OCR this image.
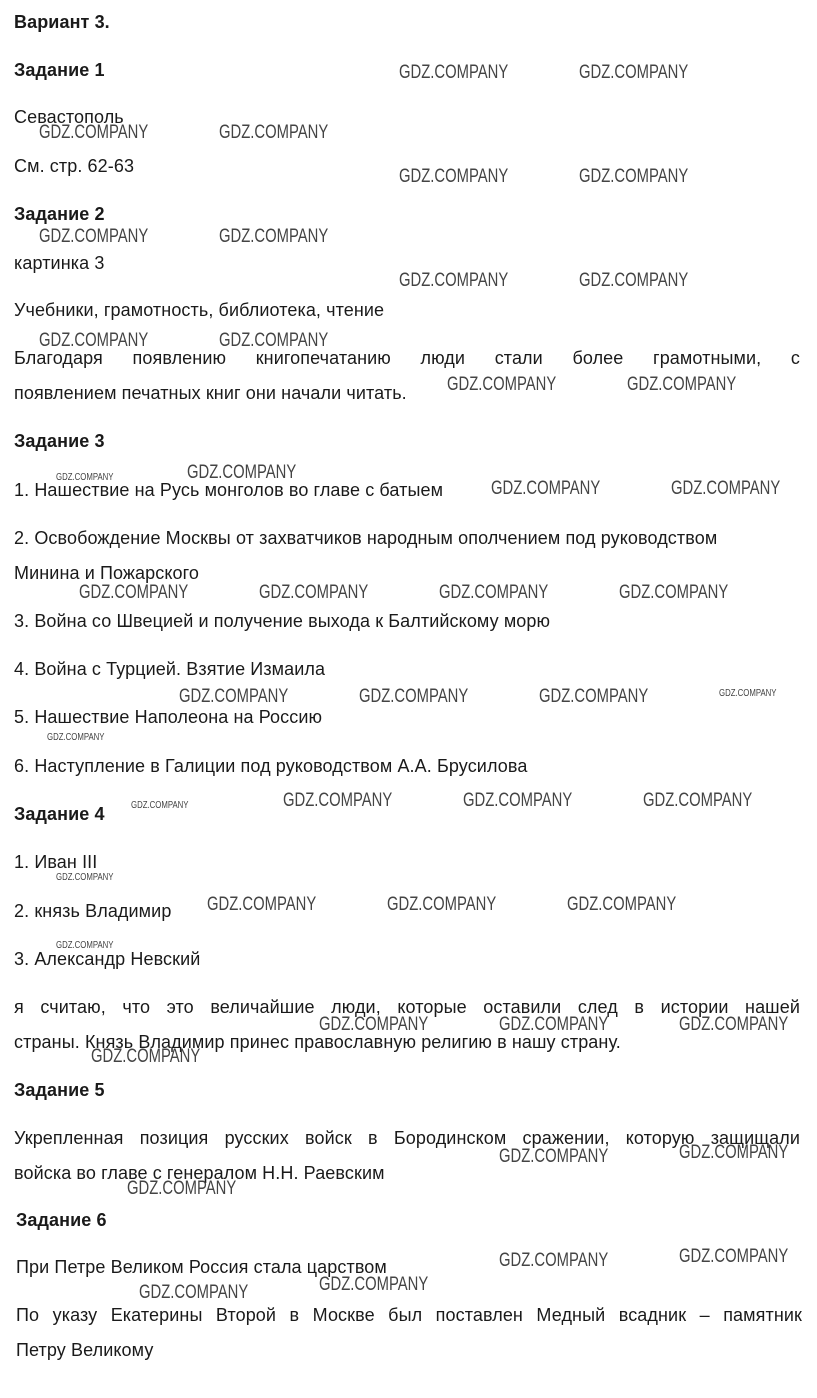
Вариант 3.
Задание 1
Севастополь
См. стр. 62-63
Задание 2
картинка 3
Учебники, грамотность, библиотека, чтение
Благодаря появлению книгопечатанию люди стали более грамотными, с
появлением печатных книг они начали читать.
Задание 3
1. Нашествие на Русь монголов во главе с батыем
2. Освобождение Москвы от захватчиков народным ополчением под руководством
Минина и Пожарского
3. Война со Швецией и получение выхода к Балтийскому морю
4. Война с Турцией. Взятие Измаила
5. Нашествие Наполеона на Россию
6. Наступление в Галиции под руководством А.А. Брусилова
Задание 4
1. Иван III
2. князь Владимир
3. Александр Невский
я считаю, что это величайшие люди, которые оставили след в истории нашей
страны. Князь Владимир принес православную религию в нашу страну.
Задание 5
Укрепленная позиция русских войск в Бородинском сражении, которую защищали
войска во главе с генералом Н.Н. Раевским
Задание 6
При Петре Великом Россия стала царством
По указу Екатерины Второй в Москве был поставлен Медный всадник – памятник
Петру Великому
GDZ.COMPANY	GDZ.COMPANY
GDZ.COMPANY	GDZ.COMPANY
GDZ.COMPANY	GDZ.COMPANY
GDZ.COMPANY	GDZ.COMPANY
GDZ.COMPANY	GDZ.COMPANY
GDZ.COMPANY	GDZ.COMPANY
GDZ.COMPANY	GDZ.COMPANY
GDZ.COMPANY	GDZ.COMPANY
GDZ.COMPANY	GDZ.COMPANY
GDZ.COMPANY	GDZ.COMPANY	GDZ.COMPANY	GDZ.COMPANY
GDZ.COMPANY	GDZ.COMPANY	GDZ.COMPANY	GDZ.COMPANY
GDZ.COMPANY
GDZ.COMPANY	GDZ.COMPANY	GDZ.COMPANY	GDZ.COMPANY
GDZ.COMPANY
GDZ.COMPANY	GDZ.COMPANY	GDZ.COMPANY
GDZ.COMPANY
GDZ.COMPANY	GDZ.COMPANY	GDZ.COMPANY
GDZ.COMPANY
GDZ.COMPANY	GDZ.COMPANY
GDZ.COMPANY
GDZ.COMPANY	GDZ.COMPANY
GDZ.COMPANY
GDZ.COMPANY
